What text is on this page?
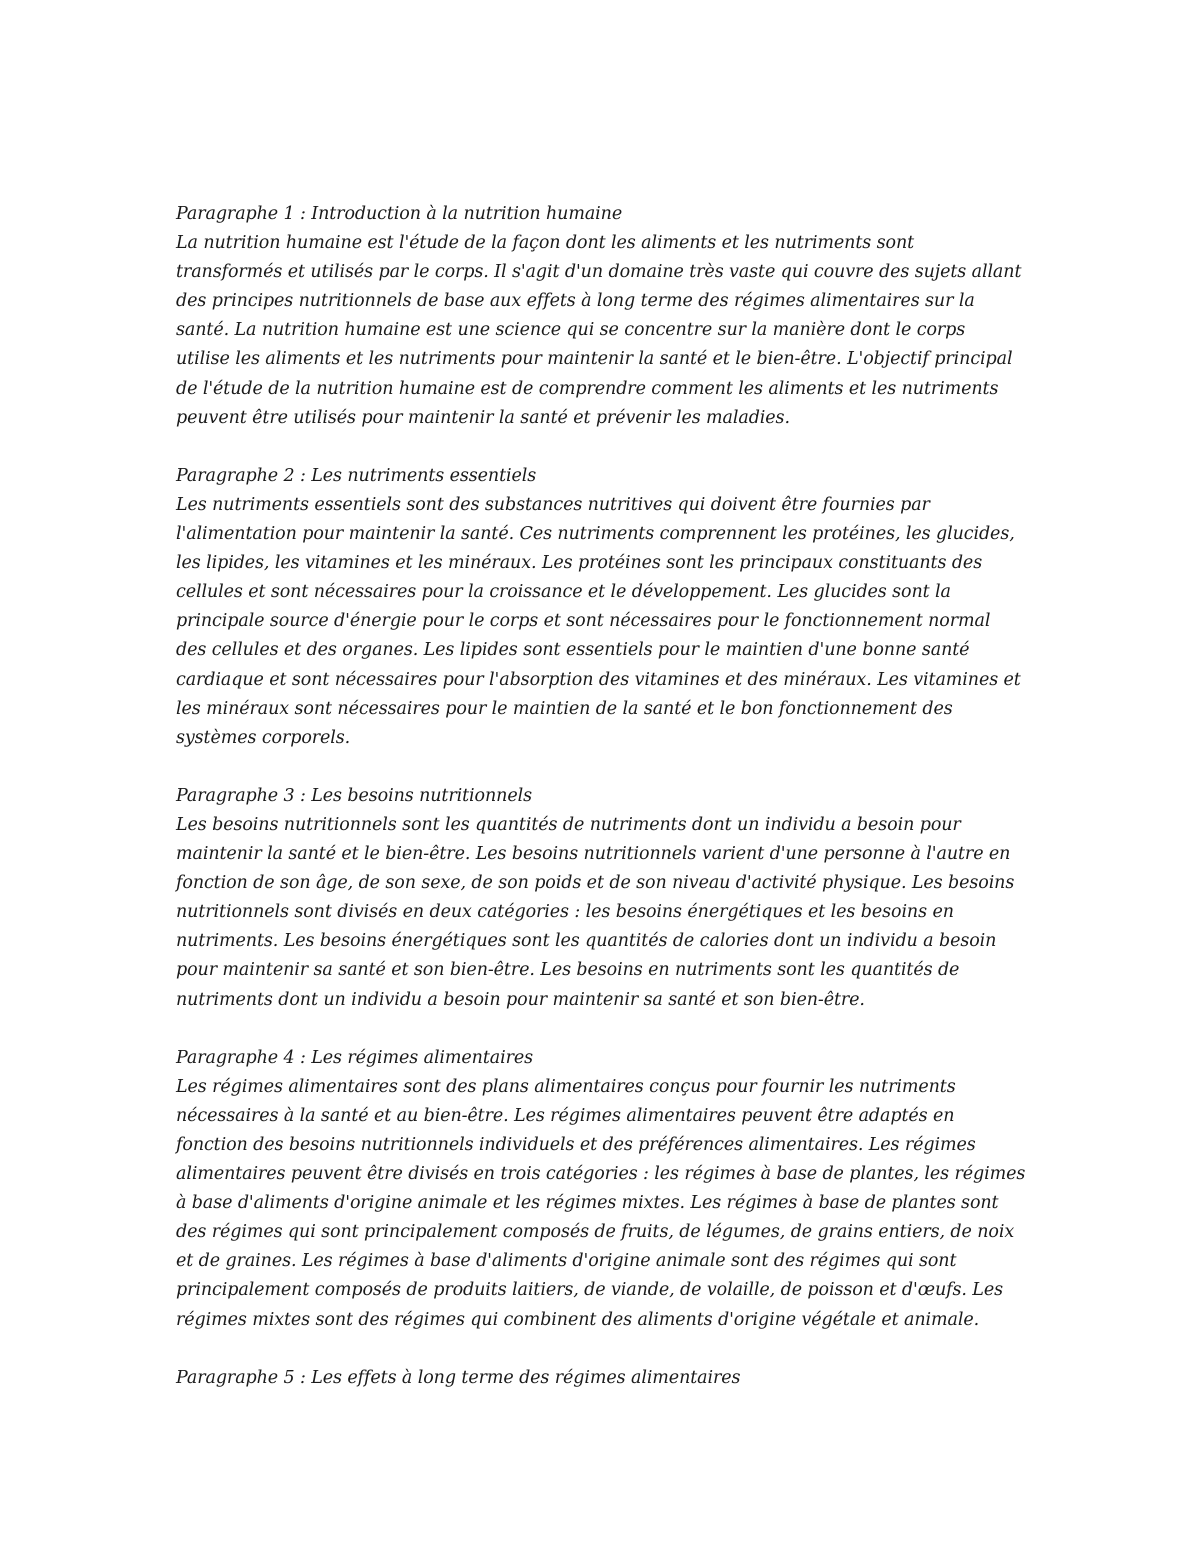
Paragraphe 1 : Introduction à la nutrition humaine
La nutrition humaine est l'étude de la façon dont les aliments et les nutriments sont
transformés et utilisés par le corps. Il s'agit d'un domaine très vaste qui couvre des sujets allant
des principes nutritionnels de base aux effets à long terme des régimes alimentaires sur la
santé. La nutrition humaine est une science qui se concentre sur la manière dont le corps
utilise les aliments et les nutriments pour maintenir la santé et le bien-être. L'objectif principal
de l'étude de la nutrition humaine est de comprendre comment les aliments et les nutriments
peuvent être utilisés pour maintenir la santé et prévenir les maladies.

Paragraphe 2 : Les nutriments essentiels
Les nutriments essentiels sont des substances nutritives qui doivent être fournies par
l'alimentation pour maintenir la santé. Ces nutriments comprennent les protéines, les glucides,
les lipides, les vitamines et les minéraux. Les protéines sont les principaux constituants des
cellules et sont nécessaires pour la croissance et le développement. Les glucides sont la
principale source d'énergie pour le corps et sont nécessaires pour le fonctionnement normal
des cellules et des organes. Les lipides sont essentiels pour le maintien d'une bonne santé
cardiaque et sont nécessaires pour l'absorption des vitamines et des minéraux. Les vitamines et
les minéraux sont nécessaires pour le maintien de la santé et le bon fonctionnement des
systèmes corporels.

Paragraphe 3 : Les besoins nutritionnels
Les besoins nutritionnels sont les quantités de nutriments dont un individu a besoin pour
maintenir la santé et le bien-être. Les besoins nutritionnels varient d'une personne à l'autre en
fonction de son âge, de son sexe, de son poids et de son niveau d'activité physique. Les besoins
nutritionnels sont divisés en deux catégories : les besoins énergétiques et les besoins en
nutriments. Les besoins énergétiques sont les quantités de calories dont un individu a besoin
pour maintenir sa santé et son bien-être. Les besoins en nutriments sont les quantités de
nutriments dont un individu a besoin pour maintenir sa santé et son bien-être.

Paragraphe 4 : Les régimes alimentaires
Les régimes alimentaires sont des plans alimentaires conçus pour fournir les nutriments
nécessaires à la santé et au bien-être. Les régimes alimentaires peuvent être adaptés en
fonction des besoins nutritionnels individuels et des préférences alimentaires. Les régimes
alimentaires peuvent être divisés en trois catégories : les régimes à base de plantes, les régimes
à base d'aliments d'origine animale et les régimes mixtes. Les régimes à base de plantes sont
des régimes qui sont principalement composés de fruits, de légumes, de grains entiers, de noix
et de graines. Les régimes à base d'aliments d'origine animale sont des régimes qui sont
principalement composés de produits laitiers, de viande, de volaille, de poisson et d'œufs. Les
régimes mixtes sont des régimes qui combinent des aliments d'origine végétale et animale.

Paragraphe 5 : Les effets à long terme des régimes alimentaires
